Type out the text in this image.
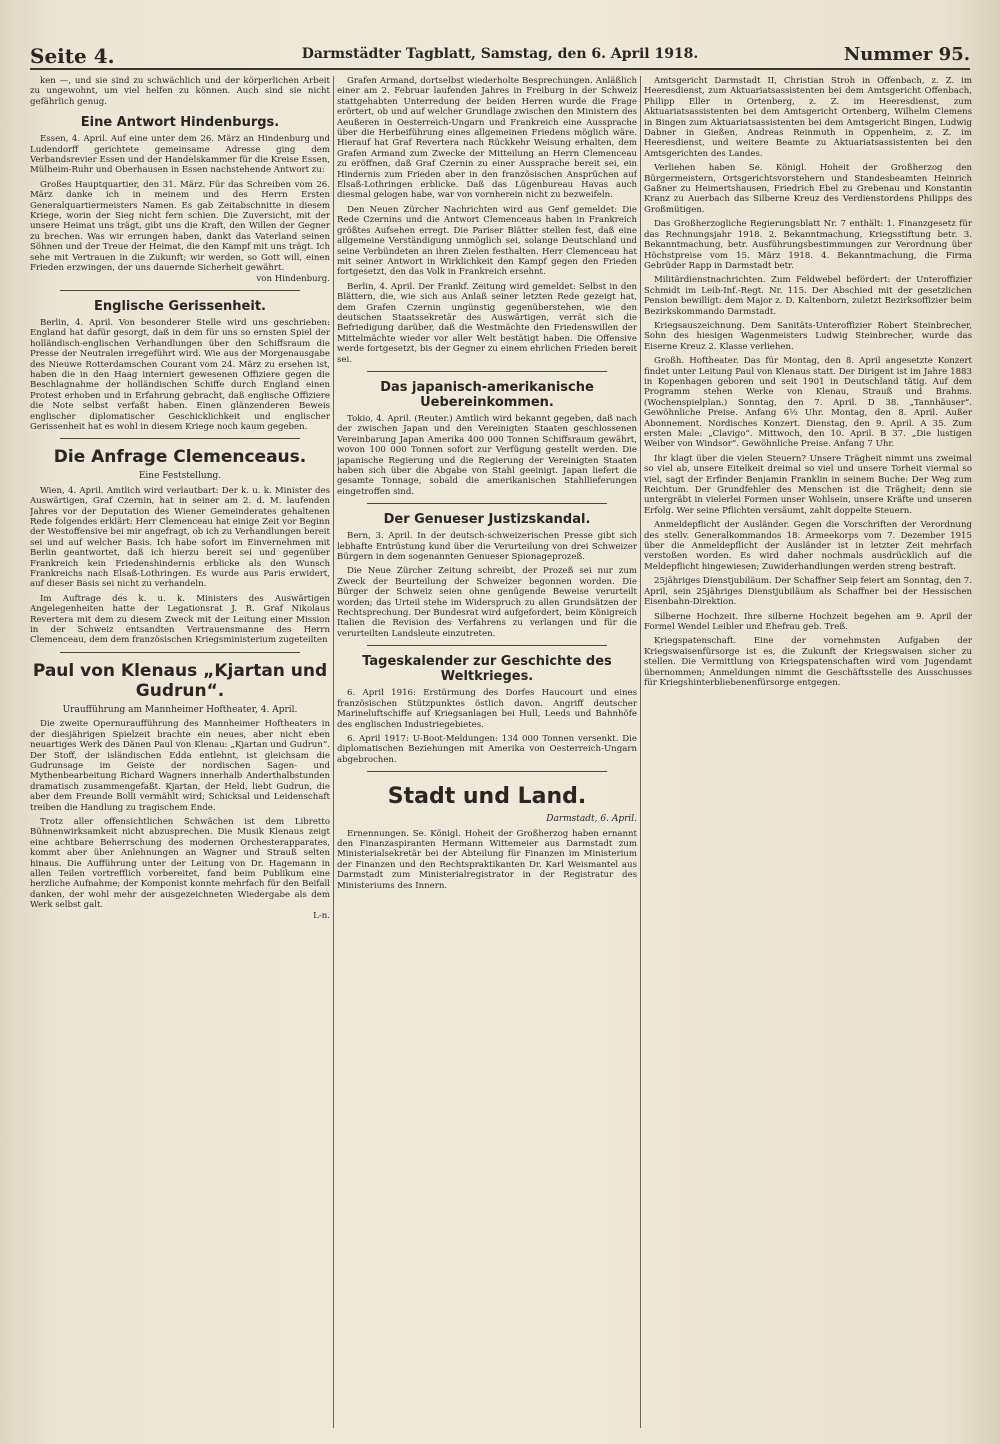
Seite 4.	Darmstädter Tagblatt, Samstag, den 6. April 1918.	Nummer 95.

ken —, und sie sind zu schwächlich und der körperlichen Arbeit zu ungewohnt, um viel helfen zu können. Auch sind sie nicht gefährlich genug.

Eine Antwort Hindenburgs.

Essen, 4. April. Auf eine unter dem 26. März an Hindenburg und Ludendorff gerichtete gemeinsame Adresse ging dem Verbandsrevier Essen und der Handelskammer für die Kreise Essen, Mülheim-Ruhr und Oberhausen in Essen nachstehende Antwort zu:

Großes Hauptquartier, den 31. März. Für das Schreiben vom 26. März danke ich in meinem und des Herrn Ersten Generalquartiermeisters Namen. Es gab Zeitabschnitte in diesem Kriege, worin der Sieg nicht fern schien. Die Zuversicht, mit der unsere Heimat uns trägt, gibt uns die Kraft, den Willen der Gegner zu brechen. Was wir errungen haben, dankt das Vaterland seinen Söhnen und der Treue der Heimat, die den Kampf mit uns trägt. Ich sehe mit Vertrauen in die Zukunft; wir werden, so Gott will, einen Frieden erzwingen, der uns dauernde Sicherheit gewährt.

von Hindenburg.
Englische Gerissenheit.

Berlin, 4. April. Von besonderer Stelle wird uns geschrieben: England hat dafür gesorgt, daß in dem für uns so ernsten Spiel der holländisch-englischen Verhandlungen über den Schiffsraum die Presse der Neutralen irregeführt wird. Wie aus der Morgenausgabe des Nieuwe Rotterdamschen Courant vom 24. März zu ersehen ist, haben die in den Haag interniert gewesenen Offiziere gegen die Beschlagnahme der holländischen Schiffe durch England einen Protest erhoben und in Erfahrung gebracht, daß englische Offiziere die Note selbst verfaßt haben. Einen glänzenderen Beweis englischer diplomatischer Geschicklichkeit und englischer Gerissenheit hat es wohl in diesem Kriege noch kaum gegeben.

Die Anfrage Clemenceaus.
Eine Feststellung.

Wien, 4. April. Amtlich wird verlautbart: Der k. u. k. Minister des Auswärtigen, Graf Czernin, hat in seiner am 2. d. M. laufenden Jahres vor der Deputation des Wiener Gemeinderates gehaltenen Rede folgendes erklärt: Herr Clemenceau hat einige Zeit vor Beginn der Westoffensive bei mir angefragt, ob ich zu Verhandlungen bereit sei und auf welcher Basis. Ich habe sofort im Einvernehmen mit Berlin geantwortet, daß ich hierzu bereit sei und gegenüber Frankreich kein Friedenshindernis erblicke als den Wunsch Frankreichs nach Elsaß-Lothringen. Es wurde aus Paris erwidert, auf dieser Basis sei nicht zu verhandeln.

Im Auftrage des k. u. k. Ministers des Auswärtigen Angelegenheiten hatte der Legationsrat J. R. Graf Nikolaus Revertera mit dem zu diesem Zweck mit der Leitung einer Mission in der Schweiz entsandten Vertrauensmanne des Herrn Clemenceau, dem dem französischen Kriegsministerium zugeteilten

Paul von Klenaus „Kjartan und Gudrun“.
Uraufführung am Mannheimer Hoftheater, 4. April.

Die zweite Opernuraufführung des Mannheimer Hoftheaters in der diesjährigen Spielzeit brachte ein neues, aber nicht eben neuartiges Werk des Dänen Paul von Klenau: „Kjartan und Gudrun“. Der Stoff, der isländischen Edda entlehnt, ist gleichsam die Gudrunsage im Geiste der nordischen Sagen- und Mythenbearbeitung Richard Wagners innerhalb Anderthalbstunden dramatisch zusammengefaßt. Kjartan, der Held, liebt Gudrun, die aber dem Freunde Bolli vermählt wird; Schicksal und Leidenschaft treiben die Handlung zu tragischem Ende.

Trotz aller offensichtlichen Schwächen ist dem Libretto Bühnenwirksamkeit nicht abzusprechen. Die Musik Klenaus zeigt eine achtbare Beherrschung des modernen Orchesterapparates, kommt aber über Anlehnungen an Wagner und Strauß selten hinaus. Die Aufführung unter der Leitung von Dr. Hagemann in allen Teilen vortrefflich vorbereitet, fand beim Publikum eine herzliche Aufnahme; der Komponist konnte mehrfach für den Beifall danken, der wohl mehr der ausgezeichneten Wiedergabe als dem Werk selbst galt.

L-n.

Grafen Armand, dortselbst wiederholte Besprechungen. Anläßlich einer am 2. Februar laufenden Jahres in Freiburg in der Schweiz stattgehabten Unterredung der beiden Herren wurde die Frage erörtert, ob und auf welcher Grundlage zwischen den Ministern des Aeußeren in Oesterreich-Ungarn und Frankreich eine Aussprache über die Herbeiführung eines allgemeinen Friedens möglich wäre. Hierauf hat Graf Revertera nach Rückkehr Weisung erhalten, dem Grafen Armand zum Zwecke der Mitteilung an Herrn Clemenceau zu eröffnen, daß Graf Czernin zu einer Aussprache bereit sei, ein Hindernis zum Frieden aber in den französischen Ansprüchen auf Elsaß-Lothringen erblicke. Daß das Lügenbureau Havas auch diesmal gelogen habe, war von vornherein nicht zu bezweifeln.

Den Neuen Zürcher Nachrichten wird aus Genf gemeldet: Die Rede Czernins und die Antwort Clemenceaus haben in Frankreich größtes Aufsehen erregt. Die Pariser Blätter stellen fest, daß eine allgemeine Verständigung unmöglich sei, solange Deutschland und seine Verbündeten an ihren Zielen festhalten. Herr Clemenceau hat mit seiner Antwort in Wirklichkeit den Kampf gegen den Frieden fortgesetzt, den das Volk in Frankreich ersehnt.

Berlin, 4. April. Der Frankf. Zeitung wird gemeldet: Selbst in den Blättern, die, wie sich aus Anlaß seiner letzten Rede gezeigt hat, dem Grafen Czernin ungünstig gegenüberstehen, wie den deutschen Staatssekretär des Auswärtigen, verrät sich die Befriedigung darüber, daß die Westmächte den Friedenswillen der Mittelmächte wieder vor aller Welt bestätigt haben. Die Offensive werde fortgesetzt, bis der Gegner zu einem ehrlichen Frieden bereit sei.

Das japanisch-amerikanische Uebereinkommen.

Tokio, 4. April. (Reuter.) Amtlich wird bekannt gegeben, daß nach der zwischen Japan und den Vereinigten Staaten geschlossenen Vereinbarung Japan Amerika 400 000 Tonnen Schiffsraum gewährt, wovon 100 000 Tonnen sofort zur Verfügung gestellt werden. Die japanische Regierung und die Regierung der Vereinigten Staaten haben sich über die Abgabe von Stahl geeinigt. Japan liefert die gesamte Tonnage, sobald die amerikanischen Stahllieferungen eingetroffen sind.

Der Genueser Justizskandal.

Bern, 3. April. In der deutsch-schweizerischen Presse gibt sich lebhafte Entrüstung kund über die Verurteilung von drei Schweizer Bürgern in dem sogenannten Genueser Spionageprozeß.

Die Neue Zürcher Zeitung schreibt, der Prozeß sei nur zum Zweck der Beurteilung der Schweizer begonnen worden. Die Bürger der Schweiz seien ohne genügende Beweise verurteilt worden; das Urteil stehe im Widerspruch zu allen Grundsätzen der Rechtsprechung. Der Bundesrat wird aufgefordert, beim Königreich Italien die Revision des Verfahrens zu verlangen und für die verurteilten Landsleute einzutreten.

Tageskalender zur Geschichte des Weltkrieges.

6. April 1916: Erstürmung des Dorfes Haucourt und eines französischen Stützpunktes östlich davon. Angriff deutscher Marineluftschiffe auf Kriegsanlagen bei Hull, Leeds und Bahnhöfe des englischen Industriegebietes.

6. April 1917: U-Boot-Meldungen: 134 000 Tonnen versenkt. Die diplomatischen Beziehungen mit Amerika von Oesterreich-Ungarn abgebrochen.

Stadt und Land.
Darmstadt, 6. April.

Ernennungen. Se. Königl. Hoheit der Großherzog haben ernannt den Finanzaspiranten Hermann Wittemeier aus Darmstadt zum Ministerialsekretär bei der Abteilung für Finanzen im Ministerium der Finanzen und den Rechtspraktikanten Dr. Karl Weismantel aus Darmstadt zum Ministerialregistrator in der Registratur des Ministeriums des Innern.

Amtsgericht Darmstadt II, Christian Stroh in Offenbach, z. Z. im Heeresdienst, zum Aktuariatsassistenten bei dem Amtsgericht Offenbach, Philipp Eller in Ortenberg, z. Z. im Heeresdienst, zum Aktuariatsassistenten bei dem Amtsgericht Ortenberg, Wilhelm Clemens in Bingen zum Aktuariatsassistenten bei dem Amtsgericht Bingen, Ludwig Dabner in Gießen, Andreas Reinmuth in Oppenheim, z. Z. im Heeresdienst, und weitere Beamte zu Aktuariatsassistenten bei den Amtsgerichten des Landes.

Verliehen haben Se. Königl. Hoheit der Großherzog den Bürgermeistern, Ortsgerichtsvorstehern und Standesbeamten Heinrich Gaßner zu Heimertshausen, Friedrich Ebel zu Grebenau und Konstantin Kranz zu Auerbach das Silberne Kreuz des Verdienstordens Philipps des Großmütigen.

Das Großherzogliche Regierungsblatt Nr. 7 enthält: 1. Finanzgesetz für das Rechnungsjahr 1918. 2. Bekanntmachung, Kriegsstiftung betr. 3. Bekanntmachung, betr. Ausführungsbestimmungen zur Verordnung über Höchstpreise vom 15. März 1918. 4. Bekanntmachung, die Firma Gebrüder Rapp in Darmstadt betr.

Militärdienstnachrichten. Zum Feldwebel befördert: der Unteroffizier Schmidt im Leib-Inf.-Regt. Nr. 115. Der Abschied mit der gesetzlichen Pension bewilligt: dem Major z. D. Kaltenborn, zuletzt Bezirksoffizier beim Bezirkskommando Darmstadt.

Kriegsauszeichnung. Dem Sanitäts-Unteroffizier Robert Steinbrecher, Sohn des hiesigen Wagenmeisters Ludwig Steinbrecher, wurde das Eiserne Kreuz 2. Klasse verliehen.

Großh. Hoftheater. Das für Montag, den 8. April angesetzte Konzert findet unter Leitung Paul von Klenaus statt. Der Dirigent ist im Jahre 1883 in Kopenhagen geboren und seit 1901 in Deutschland tätig. Auf dem Programm stehen Werke von Klenau, Strauß und Brahms. (Wochenspielplan.) Sonntag, den 7. April. D 38. „Tannhäuser“. Gewöhnliche Preise. Anfang 6½ Uhr. Montag, den 8. April. Außer Abonnement. Nordisches Konzert. Dienstag, den 9. April. A 35. Zum ersten Male: „Clavigo“. Mittwoch, den 10. April. B 37. „Die lustigen Weiber von Windsor“. Gewöhnliche Preise. Anfang 7 Uhr.

Ihr klagt über die vielen Steuern? Unsere Trägheit nimmt uns zweimal so viel ab, unsere Eitelkeit dreimal so viel und unsere Torheit viermal so viel, sagt der Erfinder Benjamin Franklin in seinem Buche: Der Weg zum Reichtum. Der Grundfehler des Menschen ist die Trägheit; denn sie untergräbt in vielerlei Formen unser Wohlsein, unsere Kräfte und unseren Erfolg. Wer seine Pflichten versäumt, zahlt doppelte Steuern.

Anmeldepflicht der Ausländer. Gegen die Vorschriften der Verordnung des stellv. Generalkommandos 18. Armeekorps vom 7. Dezember 1915 über die Anmeldepflicht der Ausländer ist in letzter Zeit mehrfach verstoßen worden. Es wird daher nochmals ausdrücklich auf die Meldepflicht hingewiesen; Zuwiderhandlungen werden streng bestraft.

25jähriges Dienstjubiläum. Der Schaffner Seip feiert am Sonntag, den 7. April, sein 25jähriges Dienstjubiläum als Schaffner bei der Hessischen Eisenbahn-Direktion.

Silberne Hochzeit. Ihre silberne Hochzeit begehen am 9. April der Formel Wendel Leibler und Ehefrau geb. Treß.

Kriegspatenschaft. Eine der vornehmsten Aufgaben der Kriegswaisenfürsorge ist es, die Zukunft der Kriegswaisen sicher zu stellen. Die Vermittlung von Kriegspatenschaften wird vom Jugendamt übernommen; Anmeldungen nimmt die Geschäftsstelle des Ausschusses für Kriegshinterbliebenenfürsorge entgegen.
